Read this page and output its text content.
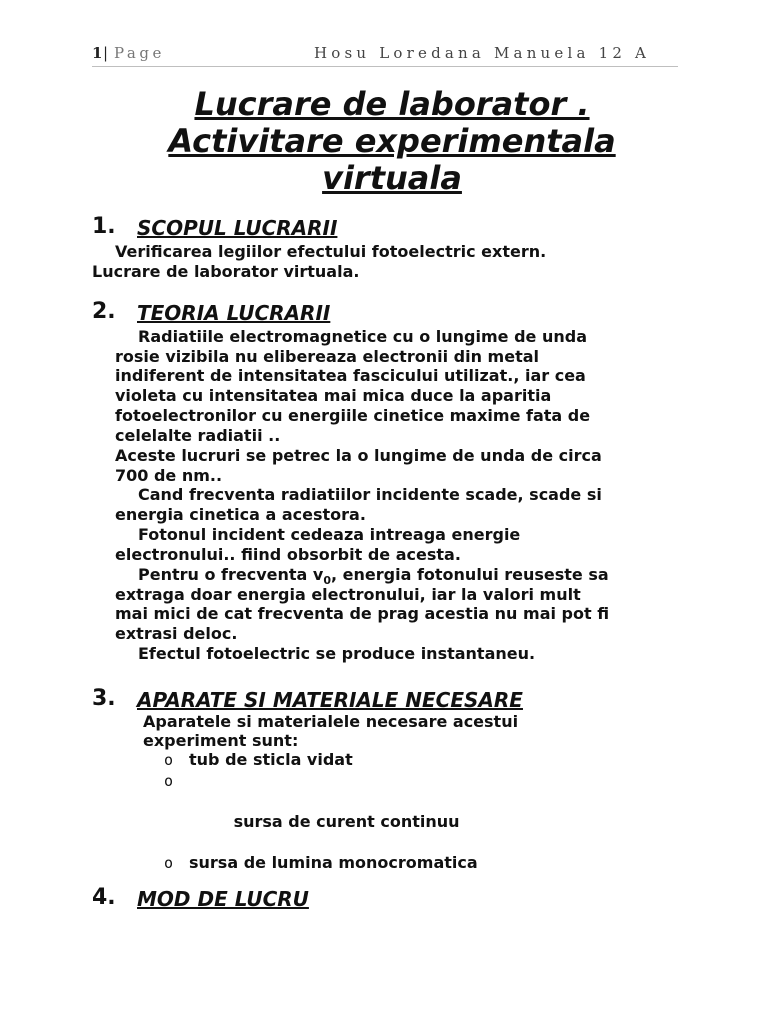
1 | Page	Hosu Loredana Manuela 12 A
Lucrare de laborator .
Activitare experimentala
virtuala
1. SCOPUL LUCRARII
Verificarea legiilor efectului fotoelectric extern.
Lucrare de laborator virtuala.
2. TEORIA LUCRARII
Radiatiile electromagnetice cu o lungime de unda
rosie vizibila nu elibereaza electronii din metal
indiferent de intensitatea fascicului utilizat., iar cea
violeta cu intensitatea mai mica duce la aparitia
fotoelectronilor cu energiile cinetice maxime fata de
celelalte radiatii ..
Aceste lucruri se petrec la o lungime de unda de circa
700 de nm..
Cand frecventa radiatiilor incidente scade, scade si
energia cinetica a acestora.
Fotonul incident cedeaza intreaga energie
electronului.. fiind obsorbit de acesta.
Pentru o frecventa $v_0$, energia fotonului reuseste sa
extraga doar energia electronului, iar la valori mult
mai mici de cat frecventa de prag acestia nu mai pot fi
extrasi deloc.
Efectul fotoelectric se produce instantaneu.
3. APARATE SI MATERIALE NECESARE
Aparatele si materialele necesare acestui
experiment sunt:
o tub de sticla vidat

o

sursa de curent continuu

o sursa de lumina monocromatica
4. MOD DE LUCRU
